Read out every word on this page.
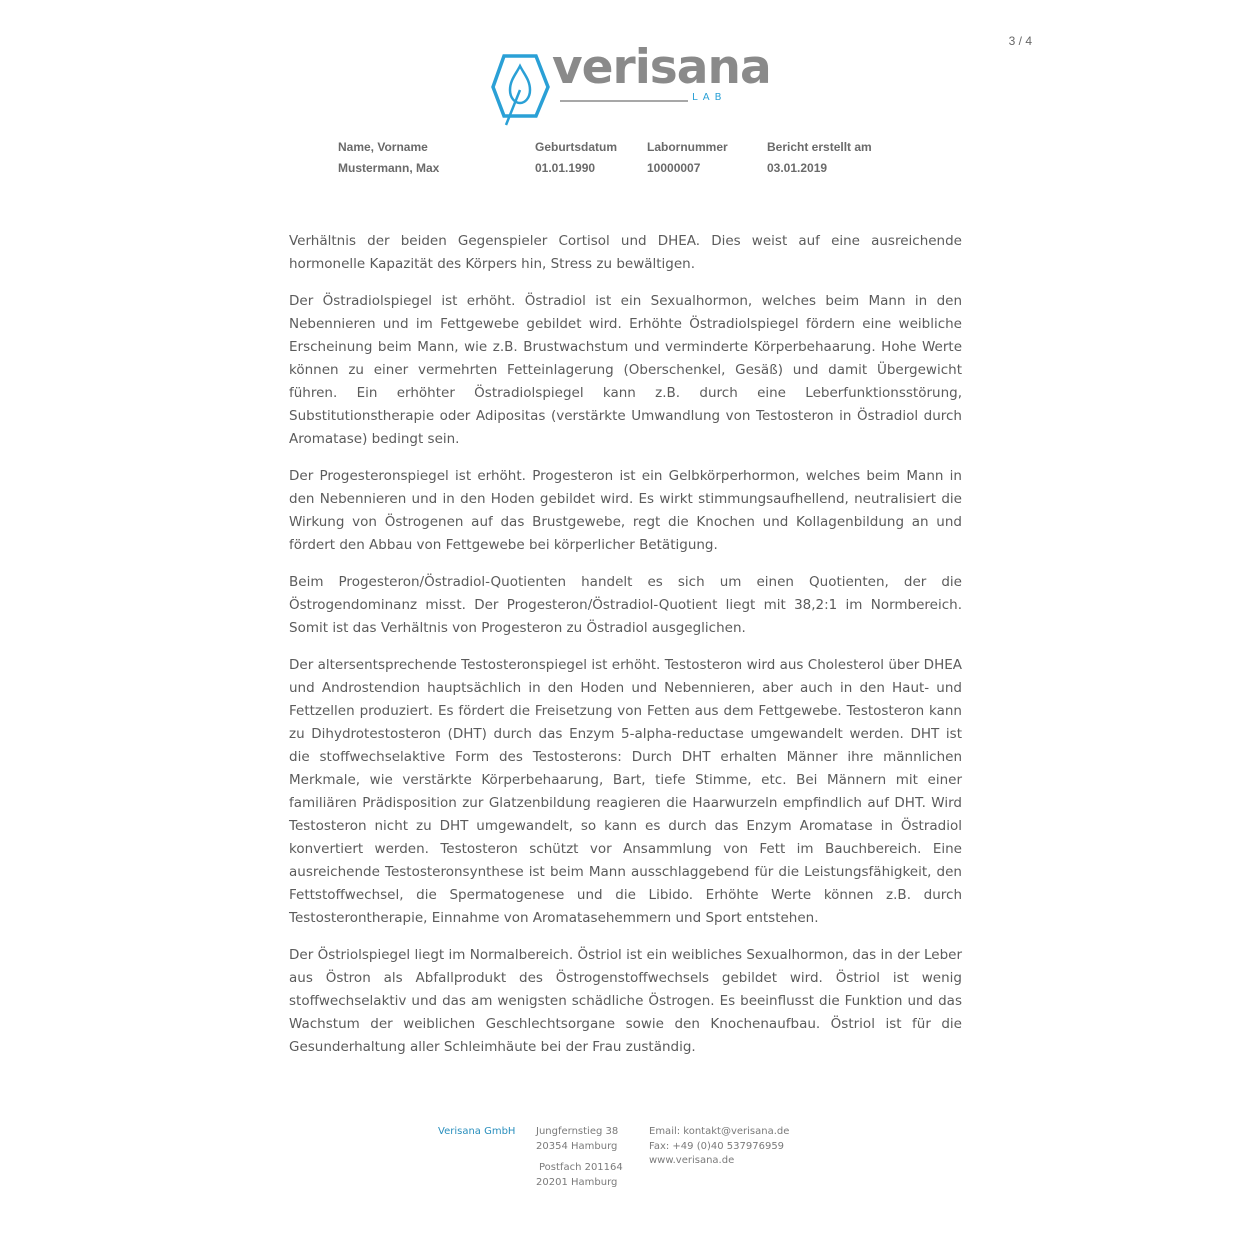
3 / 4
verisana
LAB
Name, Vorname
Mustermann, Max
Geburtsdatum
01.01.1990
Labornummer
10000007
Bericht erstellt am
03.01.2019

Verhältnis der beiden Gegenspieler Cortisol und DHEA. Dies weist auf eine ausreichende hormonelle Kapazität des Körpers hin, Stress zu bewältigen.

Der Östradiolspiegel ist erhöht. Östradiol ist ein Sexualhormon, welches beim Mann in den Nebennieren und im Fettgewebe gebildet wird. Erhöhte Östradiolspiegel fördern eine weibliche Erscheinung beim Mann, wie z.B. Brustwachstum und verminderte Körperbehaarung. Hohe Werte können zu einer vermehrten Fetteinlagerung (Oberschenkel, Gesäß) und damit Übergewicht führen. Ein erhöhter Östradiolspiegel kann z.B. durch eine Leberfunktionsstörung, Substitutionstherapie oder Adipositas (verstärkte Umwandlung von Testosteron in Östradiol durch Aromatase) bedingt sein.

Der Progesteronspiegel ist erhöht. Progesteron ist ein Gelbkörperhormon, welches beim Mann in den Nebennieren und in den Hoden gebildet wird. Es wirkt stimmungsaufhellend, neutralisiert die Wirkung von Östrogenen auf das Brustgewebe, regt die Knochen und Kollagenbildung an und fördert den Abbau von Fettgewebe bei körperlicher Betätigung.

Beim Progesteron/Östradiol-Quotienten handelt es sich um einen Quotienten, der die Östrogendominanz misst. Der Progesteron/Östradiol-Quotient liegt mit 38,2:1 im Normbereich. Somit ist das Verhältnis von Progesteron zu Östradiol ausgeglichen.

Der altersentsprechende Testosteronspiegel ist erhöht. Testosteron wird aus Cholesterol über DHEA und Androstendion hauptsächlich in den Hoden und Nebennieren, aber auch in den Haut- und Fettzellen produziert. Es fördert die Freisetzung von Fetten aus dem Fettgewebe. Testosteron kann zu Dihydrotestosteron (DHT) durch das Enzym 5-alpha-reductase umgewandelt werden. DHT ist die stoffwechselaktive Form des Testosterons: Durch DHT erhalten Männer ihre männlichen Merkmale, wie verstärkte Körperbehaarung, Bart, tiefe Stimme, etc. Bei Männern mit einer familiären Prädisposition zur Glatzenbildung reagieren die Haarwurzeln empfindlich auf DHT. Wird Testosteron nicht zu DHT umgewandelt, so kann es durch das Enzym Aromatase in Östradiol konvertiert werden. Testosteron schützt vor Ansammlung von Fett im Bauchbereich. Eine ausreichende Testosteronsynthese ist beim Mann ausschlaggebend für die Leistungsfähigkeit, den Fettstoffwechsel, die Spermatogenese und die Libido. Erhöhte Werte können z.B. durch Testosterontherapie, Einnahme von Aromatasehemmern und Sport entstehen.

Der Östriolspiegel liegt im Normalbereich. Östriol ist ein weibliches Sexualhormon, das in der Leber aus Östron als Abfallprodukt des Östrogenstoffwechsels gebildet wird. Östriol ist wenig stoffwechselaktiv und das am wenigsten schädliche Östrogen. Es beeinflusst die Funktion und das Wachstum der weiblichen Geschlechtsorgane sowie den Knochenaufbau. Östriol ist für die Gesunderhaltung aller Schleimhäute bei der Frau zuständig.

Verisana GmbH Jungfernstieg 38
20354 Hamburg
Postfach 201164
20201 Hamburg
Email: kontakt@verisana.de
Fax: +49 (0)40 537976959
www.verisana.de
